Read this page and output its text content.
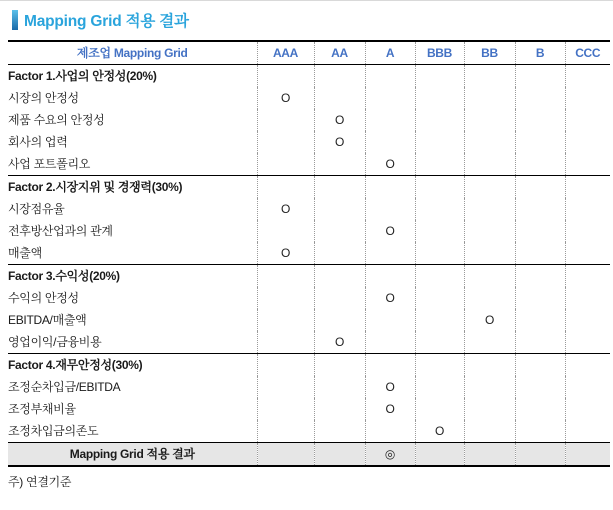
Mapping Grid 적용 결과
제조업 Mapping Grid	AAA	AA	A	BBB	BB	B	CCC
Factor 1.사업의 안정성(20%)							
시장의 안정성	O						
제품 수요의 안정성		O					
회사의 업력		O					
사업 포트폴리오			O				
Factor 2.시장지위 및 경쟁력(30%)							
시장점유율	O						
전후방산업과의 관계			O				
매출액	O						
Factor 3.수익성(20%)							
수익의 안정성			O				
EBITDA/매출액					O		
영업이익/금융비용		O					
Factor 4.재무안정성(30%)							
조정순차입금/EBITDA			O				
조정부채비율			O				
조정차입금의존도				O			
Mapping Grid 적용 결과			◎				
주) 연결기준
